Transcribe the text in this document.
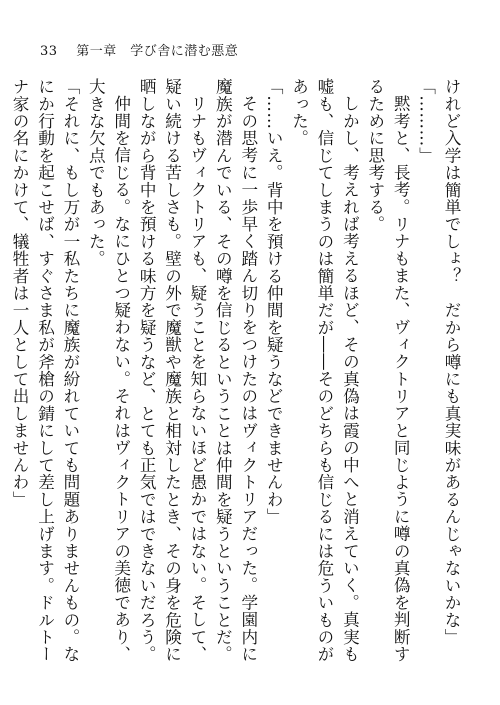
33 第一章　学び舎に潜む悪意

けれど入学は簡単でしょ？　だから噂にも真実味があるんじゃないかな」

「………」

黙考と、長考。リナもまた、ヴィクトリアと同じように噂の真偽を判断するために思考する。

しかし、考えれば考えるほど、その真偽は霞の中へと消えていく。真実も嘘も、信じてしまうのは簡単だが――そのどちらも信じるには危ういものがあった。

「……いえ。背中を預ける仲間を疑うなどできませんわ」

その思考に一歩早く踏ん切りをつけたのはヴィクトリアだった。学園内に魔族が潜んでいる、その噂を信じるということは仲間を疑うということだ。

リナもヴィクトリアも、疑うことを知らないほど愚かではない。そして、疑い続ける苦しさも。壁の外で魔獣や魔族と相対したとき、その身を危険に晒しながら背中を預ける味方を疑うなど、とても正気ではできないだろう。

仲間を信じる。なにひとつ疑わない。それはヴィクトリアの美徳であり、大きな欠点でもあった。

「それに、もし万が一私たちに魔族が紛れていても問題ありませんもの。なにか行動を起こせば、すぐさま私が斧槍の錆にして差し上げます。ドルトーナ家の名にかけて、犠牲者は一人として出しませんわ」
